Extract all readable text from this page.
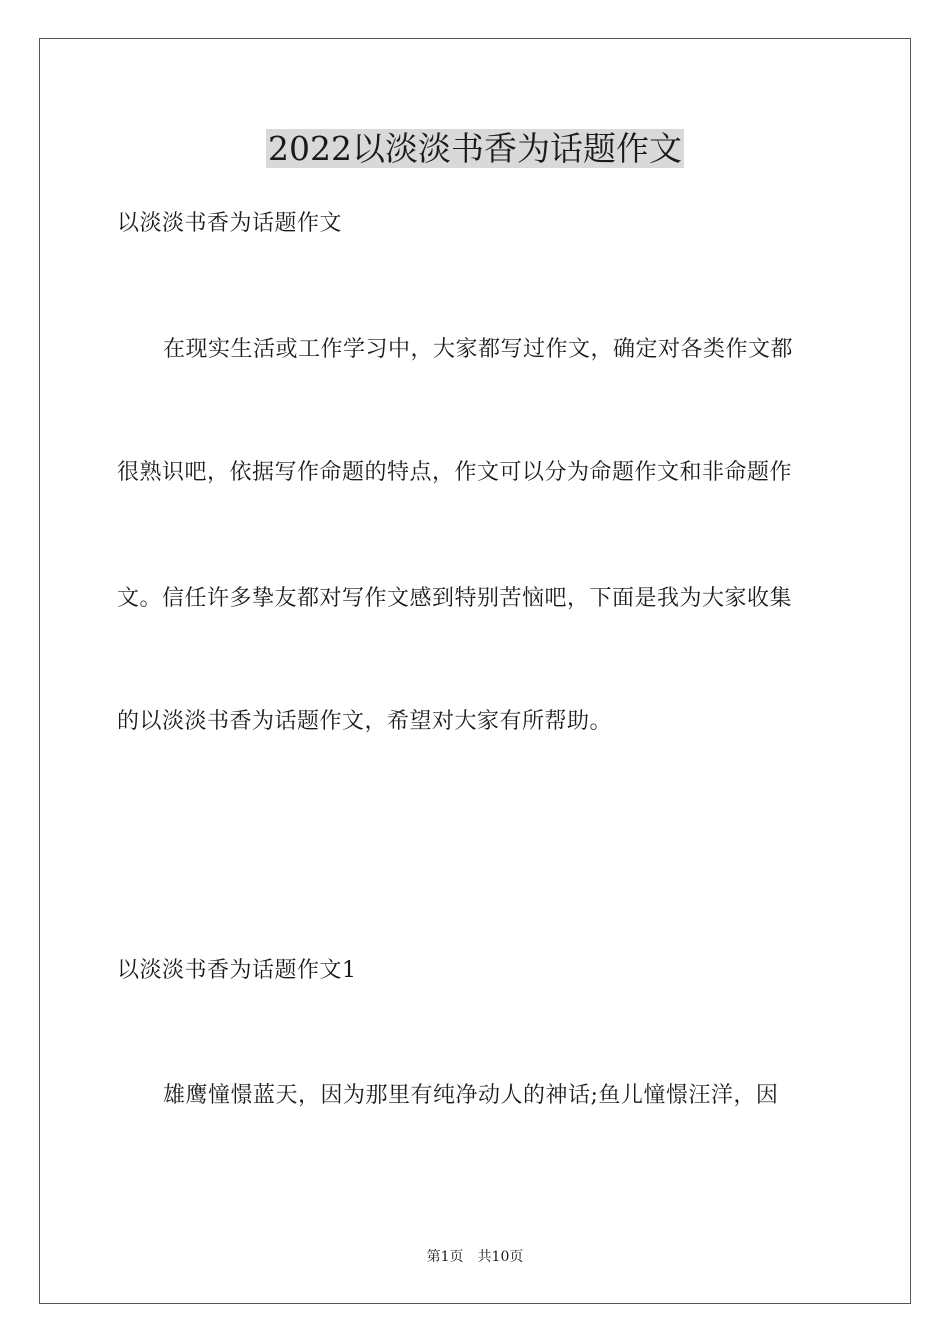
2022以淡淡书香为话题作文
以淡淡书香为话题作文
在现实生活或工作学习中，大家都写过作文，确定对各类作文都
很熟识吧，依据写作命题的特点，作文可以分为命题作文和非命题作
文。信任许多挚友都对写作文感到特别苦恼吧，下面是我为大家收集
的以淡淡书香为话题作文，希望对大家有所帮助。
以淡淡书香为话题作文1
雄鹰憧憬蓝天，因为那里有纯净动人的神话;鱼儿憧憬汪洋，因
第1页 共10页
